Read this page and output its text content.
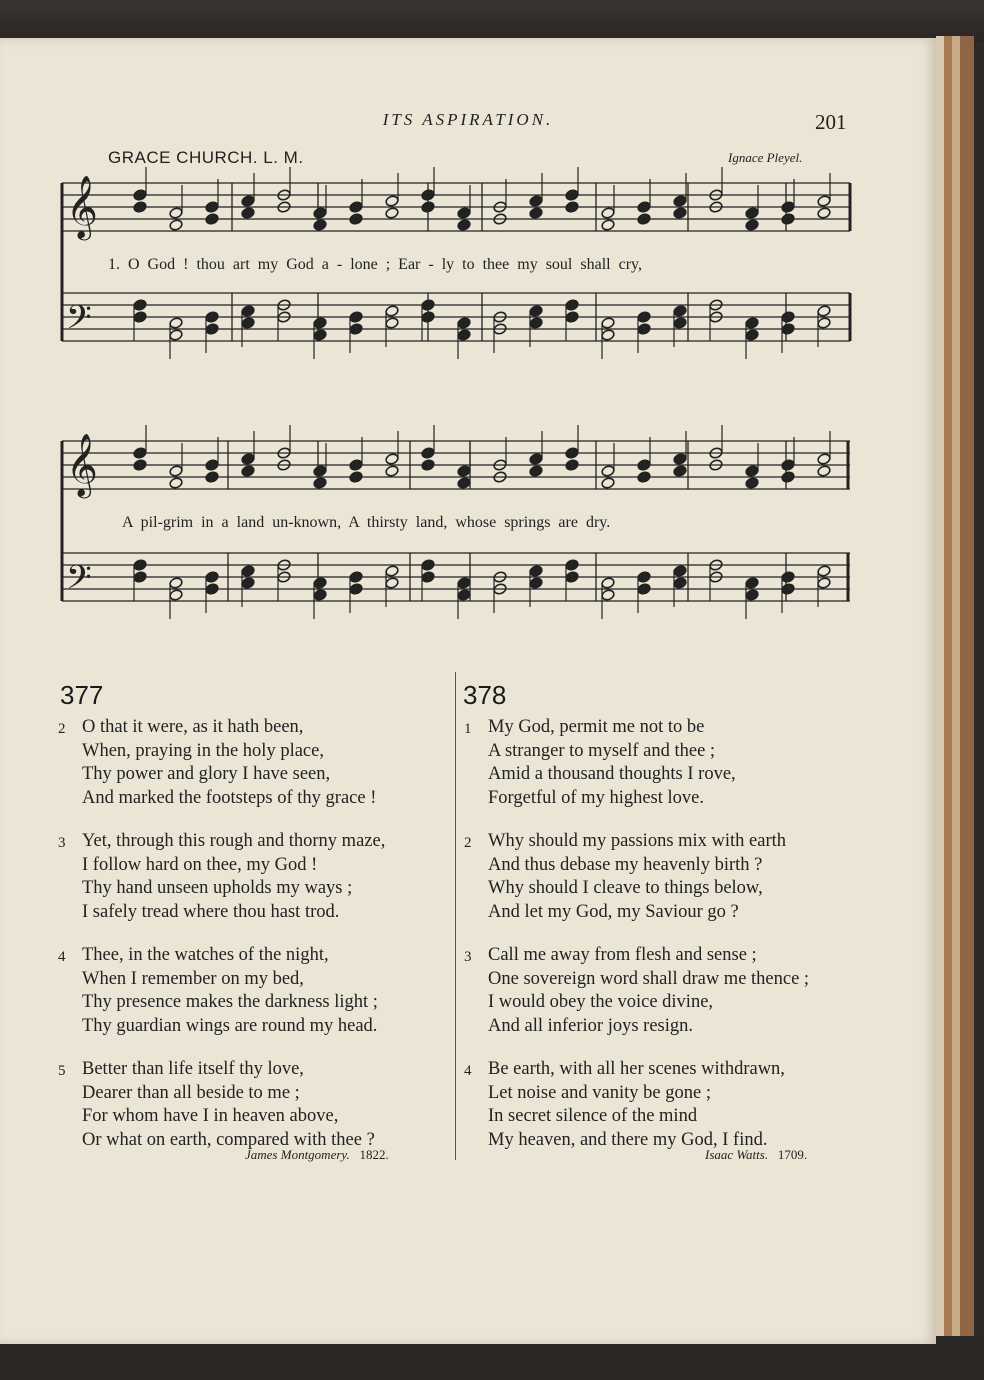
ITS ASPIRATION.	201
GRACE CHURCH. L. M.	Ignace Pleyel.
𝄞
𝄢
𝄞
𝄢
1. O God ! thou art my God a - lone ; Ear - ly to thee my soul shall cry,
A pil-grim in a land un-known, A thirsty land, whose springs are dry.
377	378
2 O that it were, as it hath been,
When, praying in the holy place,
Thy power and glory I have seen,
And marked the footsteps of thy grace !
3 Yet, through this rough and thorny maze,
I follow hard on thee, my God !
Thy hand unseen upholds my ways ;
I safely tread where thou hast trod.
4 Thee, in the watches of the night,
When I remember on my bed,
Thy presence makes the darkness light ;
Thy guardian wings are round my head.
5 Better than life itself thy love,
Dearer than all beside to me ;
For whom have I in heaven above,
Or what on earth, compared with thee ?
1 My God, permit me not to be
A stranger to myself and thee ;
Amid a thousand thoughts I rove,
Forgetful of my highest love.
2 Why should my passions mix with earth
And thus debase my heavenly birth ?
Why should I cleave to things below,
And let my God, my Saviour go ?
3 Call me away from flesh and sense ;
One sovereign word shall draw me thence ;
I would obey the voice divine,
And all inferior joys resign.
4 Be earth, with all her scenes withdrawn,
Let noise and vanity be gone ;
In secret silence of the mind
My heaven, and there my God, I find.
James Montgomery. 1822.	Isaac Watts. 1709.
